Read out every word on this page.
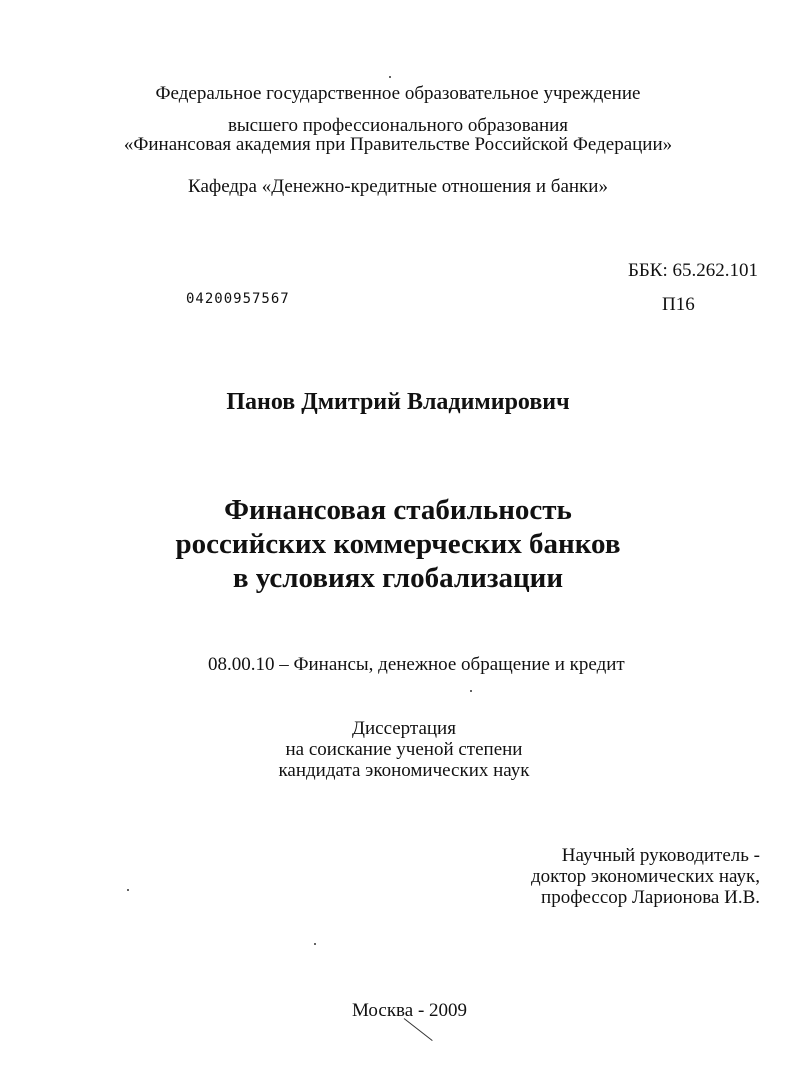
Федеральное государственное образовательное учреждение
высшего профессионального образования
«Финансовая академия при Правительстве Российской Федерации»
Кафедра «Денежно-кредитные отношения и банки»
ББК: 65.262.101
04200957567	П16
Панов Дмитрий Владимирович
Финансовая стабильность
российских коммерческих банков
в условиях глобализации
08.00.10 – Финансы, денежное обращение и кредит
Диссертация
на соискание ученой степени
кандидата экономических наук
Научный руководитель -
доктор экономических наук,
профессор Ларионова И.В.
Москва - 2009
